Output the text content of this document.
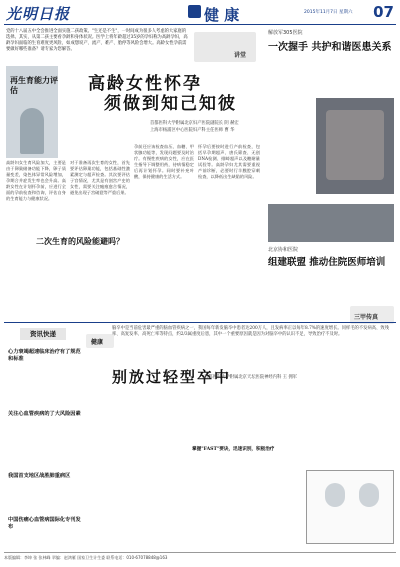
光明日报	健 康	2015年11月7日 星期六 07
党的十八届五中全会推进全面实施二孩政策。"生还是不生"，一时间成为很多人考虑的大家庭的选择。其实，从第二孩主要看孕龄和身体状况。医学上将年龄超过35岁的孕妇称为高龄孕妇，高龄孕妇面临的生育难度更风险，如成想说产、流产、难产、胎停等风险会增大。高龄女性孕前需要做好哪些准备？请专家为您解答。
讲堂
再生育能力评估	高龄女性怀孕
须做到知己知彼
首都医科大学附属北京妇产医院副院长 阴 赫宏
上海市杨浦区中心医院妇产科主任医师 曹 华
高龄妇女生育风险加大，主要是由于卵巢储备功能下降，卵子质量变差，染色体异常风险增加，孕期合并症发生率也会升高。高龄女性在计划怀孕前，应进行全面的孕前检查和咨询，评估自身的生育能力与健康状况。
对于准备再次生育的女性，首先要评估卵巢功能，包括基础性激素测定与超声检查。其次要评估子宫情况，尤其是有剖宫产史的女性，需要关注瘢痕愈合情况，避免出现子宫破裂等严重后果。
孕前还应该检查血压、血糖、甲状腺功能等，发现问题要及时治疗。有慢性疾病的女性，应在医生指导下调整用药，待病情稳定后再计划怀孕。同时要补充叶酸，保持健康的生活方式。
怀孕后要按时进行产前检查，包括早孕期超声、唐氏筛查、无创DNA检测、排畸超声以及糖耐量试验等。高龄孕妇尤其需要重视产前诊断，必要时行羊膜腔穿刺检查，以降低出生缺陷的风险。
二次生育的风险能避吗？
解放军305医院
一次握手 共护和谐医患关系
北京协和医院
组建联盟 推动住院医师培训
三甲传真
资讯快递
心力衰竭超速临床治疗有了规范和标准
关注心血管疾病的了大风险因素
我国首支地区战胜肺重病区
中国伤痛心血管病国际化专刊发布
健康
脑卒中是当前危害最严重的脑血管疾病之一，我国每年新发脑卒中患者达200万人，且发病率正以每年8.7%的速度增长。同样毛的不发病高、致残率、高复发率、高死亡率等特点，约2/3属重度后患，其中一个重要原因就是因为对脑卒中的认识不足，导致治疗不及时。
别放过轻型卒中
首都医科大学附属北京天坛医院神经内科 王 拥军
掌握"FAST"要诀，迅速识别，积极治疗
本版编辑：李坤 张 张林峰 翠编：赵鸿雁 国家卫生计生委 联系电话：010-67078848@163
